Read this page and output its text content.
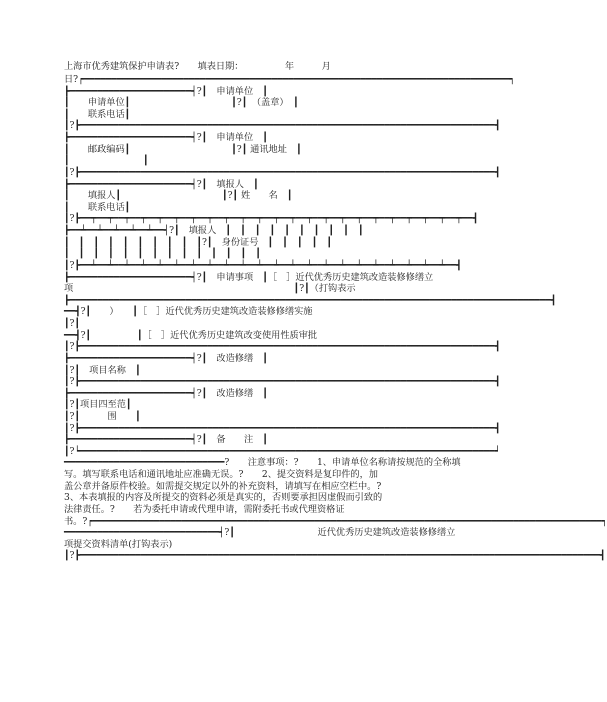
上海市优秀建筑保护申请表?　　填表日期：　　　　　年　　　月
日?┍━━━━━━━━━━━━━━━━━━━━━━━━━━━━━━━━━━━━━━━━━━━━━━━━━━━━━━━━━━━━━━━━━━━━━━━━━━━━━┑
┣━━━━━━━━━━━━━━━━━━━━━━┥?┃　申请单位　┃
┃　　申请单位┃　　　　　　　　　　　┃?┃　（盖章）　┃
┃　　联系电话┃
┃?┣━━━━━━━━━━━━━━━━━━━━━━━━━━━━━━━━━━━━━━━━━━━━━━━━━━━━━━━━━━━━━━━━━━━━━━━━━━━┫
┣━━━━━━━━━━━━━━━━━━━━━━┥?┃　申请单位　┃
┃　　邮政编码┃　　　　　　　　　　　┃?┃ 通讯地址　┃
┃　　　　　　　　┃
┃?┣━━━━━━━━━━━━━━━━━━━━━━━━━━━━━━━━━━━━━━━━━━━━━━━━━━━━━━━━━━━━━━━━━━━━━━━━━━━┫
┣━━━━━━━━━━━━━━━━━━━━━━┥?┃　填报人　┃
┃　　填报人┃　　　　　　　　　　　┃?┃ 姓　　名　┃
┃　　联系电话┃
┃?┣━━┯━━┯━━┯━━┯━━┯━━┯━━┯━━┯━━┯━━┯━━┯━━┯━━┯━━┯━━┯━━┯━━┯━━┯━━┯━━┯━━┯━━┯━━┯━━┫
┣━━┷━━┷━━┷━━┷━━┷━━┥?┃　填报人　┃　┃　┃　┃　┃　┃　┃　┃　┃　┃
┃　┃　┃　┃　┃　┃　┃　┃　┃　┃?┃　身份证号　┃　┃　┃　┃　┃
┃　┃　┃　┃　┃　┃　┃　┃　┃　┃　┃　┃　┃　┃
┃?┣━━┷━━┷━━┷━━┷━━┷━━┷━━┷━━┷━━┷━━┷━━┷━━┷━━┷━━┷━━┷━━┷━━┷━━┷━━┷━━┷━━┷━━┷━━┫
┣━━━━━━━━━━━━━━━━━━━━━━┥?┃　申请事项　┃［　］近代优秀历史建筑改造装修修缮立
项　　　　　　　　　　　　　　　　　　　　　　　　┃?┃（打钩表示
┣━━━━━━━━━━━━━━━━━━━━━━━━━━━━━━━━━━━━━━━━━━━━━━━━━━━━━━━━━━━━━━━━━━━━━━━━━━━━━━━━━━━━━━━┫
━━┫?┃　　）　　┃［　］近代优秀历史建筑改造装修修缮实施
┃?┃
━━┫?┃　　　　　┃［　］近代优秀历史建筑改变使用性质审批
┃?┣━━━━━━━━━━━━━━━━━━━━━━━━━━━━━━━━━━━━━━━━━━━━━━━━━━━━━━━━━━━━━━━━━━━━━━━━━━━┫
┣━━━━━━━━━━━━━━━━━━━━━━┥?┃　改造修缮　┃
┃?┃　项目名称　┃
┃?┣━━━━━━━━━━━━━━━━━━━━━━━━━━━━━━━━━━━━━━━━━━━━━━━━━━━━━━━━━━━━━━━━━━━━━━━━━━━┫
┣━━━━━━━━━━━━━━━━━━━━━━┥?┃　改造修缮　┃
┃?┃项目四至范┃
┃?┃　　　围　　┃
┃?┣━━━━━━━━━━━━━━━━━━━━━━━━━━━━━━━━━━━━━━━━━━━━━━━━━━━━━━━━━━━━━━━━━━━━━━━━━━━┫
┣━━━━━━━━━━━━━━━━━━━━━━┥?┃　备　　注　┃
┃?┕━━━━━━━━━━━━━━━━━━━━━━━━━━━━━━━━━━━━━━━━━━━━━━━━━━━━━━━━━━━━━━━━━━━━━━━━━━━┙
━━━━━━━━━━━━━━━━━━━━━━━━━━━━━?　　注意事项：?　　1、申请单位名称请按规范的全称填
写。填写联系电话和通讯地址应准确无误。?　　2、提交资料是复印件的，加
盖公章并备原件校验。如需提交规定以外的补充资料，请填写在相应空栏中。?
3、本表填报的内容及所提交的资料必须是真实的，否则要承担因虚假而引致的
法律责任。?　　若为委托申请或代理申请，需附委托书或代理资格证
书。?┍━━━━━━━━━━━━━━━━━━━━━━━━━━━━━━━━━━━━━━━━━━━━━━━━━━━━━━━━━━━━━━━━━━━━━━━━━━━━━━━━━━━━━━━━━━━━┑
━━━━━━━━━━━━━━━━━━━━━━━━━━━━┥?┃　　　　　　　　　近代优秀历史建筑改造装修修缮立
项提交资料清单(打钩表示)
┃?┣━━━━━━━━━━━━━━━━━━━━━━━━━━━━━━━━━━━━━━━━━━━━━━━━━━━━━━━━━━━━━━━━━━━━━━━━━━━━━━━━━━━━━━━━━━━━━━┫
